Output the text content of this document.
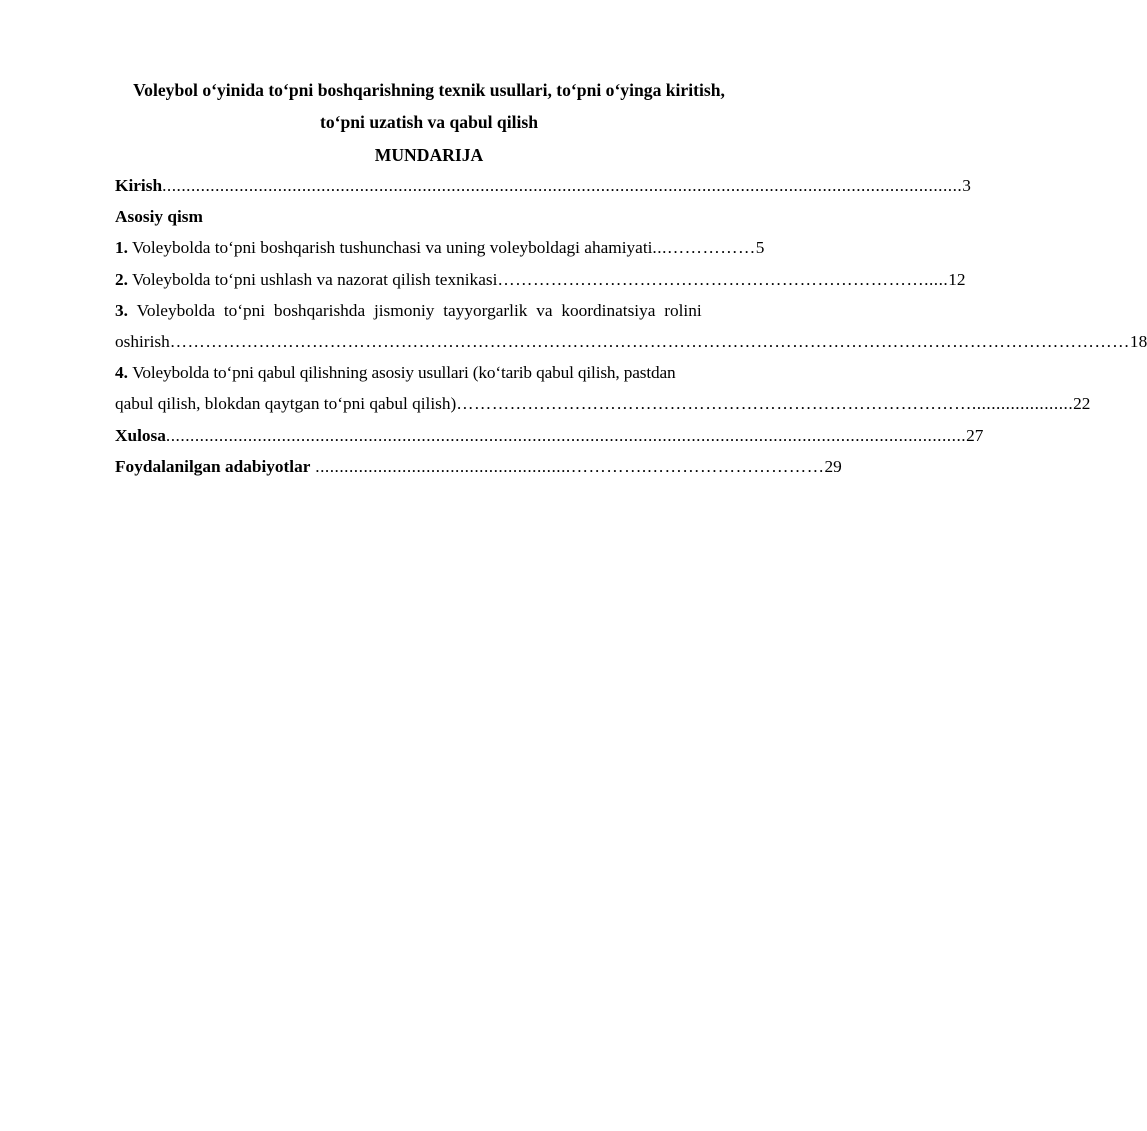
Voleybol o‘yinida to‘pni boshqarishning texnik usullari, to‘pni o‘yinga kiritish, to‘pni uzatish va qabul qilish
MUNDARIJA
Kirish ...................................................................................................................................................................... 3
Asosiy qism
1. Voleybolda to‘pni boshqarish tushunchasi va uning voleyboldagi ahamiyati ...…………… 5
2. Voleybolda to‘pni ushlash va nazorat qilish texnikasi ………………………………………………………………..... 12
3. Voleybolda to‘pni boshqarishda jismoniy tayyorgarlik va koordinatsiya rolini
oshirish ……………………………………………………………………………………………………………………………………………… 18
4. Voleybolda to‘pni qabul qilishning asosiy usullari (ko‘tarib qabul qilish, pastdan
qabul qilish, blokdan qaytgan to‘pni qabul qilish) ……………………………………………………………………………..................... 22
Xulosa ...................................................................................................................................................................... 27
Foydalanilgan adabiyotlar .....................................................………….………………………… 29
